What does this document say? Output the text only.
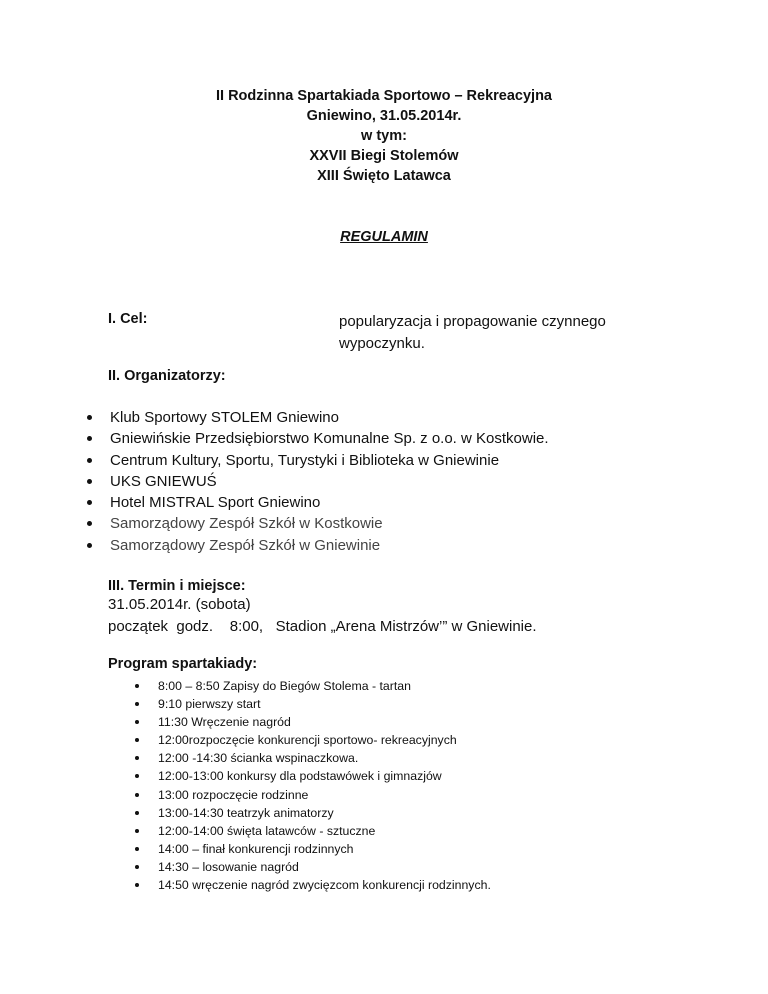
II Rodzinna Spartakiada Sportowo – Rekreacyjna
Gniewino, 31.05.2014r.
w tym:
XXVII Biegi Stolemów
XIII Święto Latawca
REGULAMIN
I. Cel:	popularyzacja i propagowanie czynnego wypoczynku.
II. Organizatorzy:
Klub Sportowy STOLEM Gniewino
Gniewińskie Przedsiębiorstwo Komunalne Sp. z o.o. w Kostkowie.
Centrum Kultury, Sportu, Turystyki i Biblioteka w Gniewinie
UKS GNIEWUŚ
Hotel MISTRAL Sport Gniewino
Samorządowy Zespół Szkół w Kostkowie
Samorządowy Zespół Szkół w Gniewinie
III. Termin i miejsce:
31.05.2014r. (sobota)
początek  godz.    8:00,   Stadion „Arena Mistrzów’” w Gniewinie.
Program spartakiady:
8:00 – 8:50 Zapisy do Biegów Stolema - tartan
9:10 pierwszy start
11:30 Wręczenie nagród
12:00rozpoczęcie konkurencji sportowo- rekreacyjnych
12:00 -14:30 ścianka wspinaczkowa.
12:00-13:00 konkursy dla podstawówek i gimnazjów
13:00 rozpoczęcie rodzinne
13:00-14:30 teatrzyk animatorzy
12:00-14:00 święta latawców - sztuczne
14:00 – finał konkurencji rodzinnych
14:30 – losowanie nagród
14:50 wręczenie nagród zwycięzcom konkurencji rodzinnych.
